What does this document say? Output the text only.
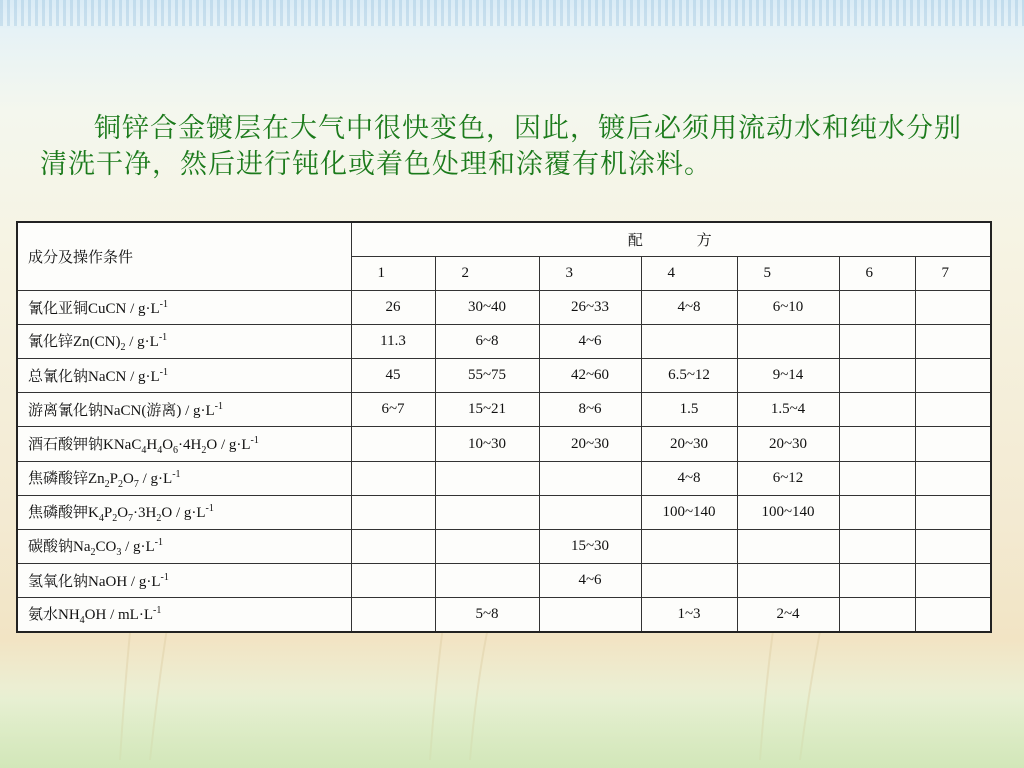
铜锌合金镀层在大气中很快变色，因此，镀后必须用流动水和纯水分别清洗干净，然后进行钝化或着色处理和涂覆有机涂料。

成分及操作条件	配         方						
	1	2	3	4	5	6	7
氰化亚铜CuCN / $g\cdot L^{-1}$	26	30~40	26~33	4~8	6~10		
氰化锌$Zn(CN)_2 / g\cdot L^{-1}$	11.3	6~8	4~6				
总氰化钠NaCN / $g\cdot L^{-1}$	45	55~75	42~60	6.5~12	9~14		
游离氰化钠NaCN(游离) / $g\cdot L^{-1}$	6~7	15~21	8~6	1.5	1.5~4		
酒石酸钾钠$KNaC_4H_4O_6\cdot 4H_2O / g\cdot L^{-1}$		10~30	20~30	20~30	20~30		
焦磷酸锌$Zn_2P_2O_7 / g\cdot L^{-1}$				4~8	6~12		
焦磷酸钾$K_4P_2O_7\cdot 3H_2O / g\cdot L^{-1}$				100~140	100~140		
碳酸钠$Na_2CO_3 / g\cdot L^{-1}$			15~30				
氢氧化钠NaOH / $g\cdot L^{-1}$			4~6				
氨水$NH_4OH / mL\cdot L^{-1}$		5~8		1~3	2~4		
